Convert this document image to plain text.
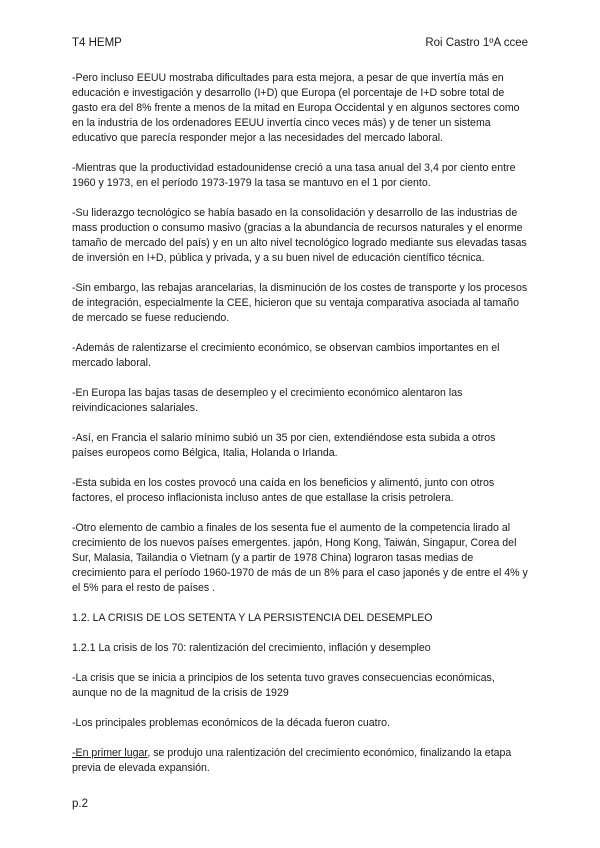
T4 HEMP	Roi Castro 1ºA ccee

-Pero incluso EEUU mostraba dificultades para esta mejora, a pesar de que invertía más en educación e investigación y desarrollo (I+D) que Europa (el porcentaje de I+D sobre total de gasto era del 8% frente a menos de la mitad en Europa Occidental y en algunos sectores como en la industria de los ordenadores EEUU invertía cinco veces más) y de tener un sistema educativo que parecía responder mejor a las necesidades del mercado laboral.

-Mientras que la productividad estadounidense creció a una tasa anual del 3,4 por ciento entre 1960 y 1973, en el período 1973-1979 la tasa se mantuvo en el 1 por ciento.

-Su liderazgo tecnológico se había basado en la consolidación y desarrollo de las industrias de mass production o consumo masivo (gracias a la abundancia de recursos naturales y el enorme tamaño de mercado del país) y en un alto nivel tecnológico logrado mediante sus elevadas tasas de inversión en I+D, pública y privada, y a su buen nivel de educación científico técnica.

-Sin embargo, las rebajas arancelarias, la disminución de los costes de transporte y los procesos de integración, especialmente la CEE, hicieron que su ventaja comparativa asociada al tamaño de mercado se fuese reduciendo.

-Además de ralentizarse el crecimiento económico, se observan cambios importantes en el mercado laboral.

-En Europa las bajas tasas de desempleo y el crecimiento económico alentaron las reivindicaciones salariales.

-Así, en Francia el salario mínimo subió un 35 por cien, extendiéndose esta subida a otros países europeos como Bélgica, Italia, Holanda o Irlanda.

-Esta subida en los costes provocó una caída en los beneficios y alimentó, junto con otros factores, el proceso inflacionista incluso antes de que estallase la crisis petrolera.

-Otro elemento de cambio a finales de los sesenta fue el aumento de la competencia lirado al crecimiento de los nuevos países emergentes. japón, Hong Kong, Taiwán, Singapur, Corea del Sur, Malasia, Tailandia o Vietnam (y a partir de 1978 China) lograron tasas medias de crecimiento para el período 1960-1970 de más de un 8% para el caso japonés y de entre el 4% y el 5% para el resto de países .

1.2. LA CRISIS DE LOS SETENTA Y LA PERSISTENCIA DEL DESEMPLEO

1.2.1 La crisis de los 70: ralentización del crecimiento, inflación y desempleo

-La crisis que se inicia a principios de los setenta tuvo graves consecuencias económicas, aunque no de la magnitud de la crisis de 1929

-Los principales problemas económicos de la década fueron cuatro.

-En primer lugar, se produjo una ralentización del crecimiento económico, finalizando la etapa previa de elevada expansión.

p.2
